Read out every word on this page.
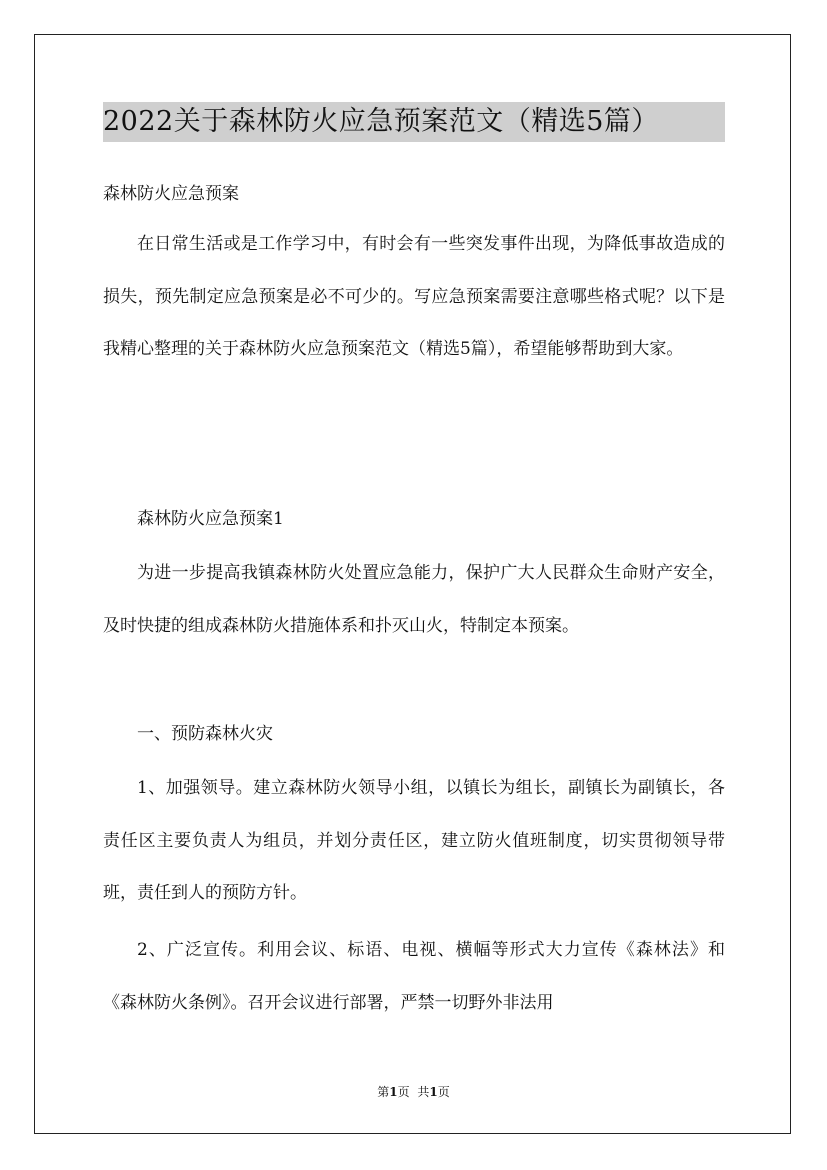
2022关于森林防火应急预案范文（精选5篇）
森林防火应急预案

在日常生活或是工作学习中，有时会有一些突发事件出现，为降低事故造成的损失，预先制定应急预案是必不可少的。写应急预案需要注意哪些格式呢？以下是我精心整理的关于森林防火应急预案范文（精选5篇），希望能够帮助到大家。

森林防火应急预案1

为进一步提高我镇森林防火处置应急能力，保护广大人民群众生命财产安全，及时快捷的组成森林防火措施体系和扑灭山火，特制定本预案。

一、预防森林火灾

1、加强领导。建立森林防火领导小组，以镇长为组长，副镇长为副镇长，各责任区主要负责人为组员，并划分责任区，建立防火值班制度，切实贯彻领导带班，责任到人的预防方针。

2、广泛宣传。利用会议、标语、电视、横幅等形式大力宣传《森林法》和《森林防火条例》。召开会议进行部署，严禁一切野外非法用

第1页 共1页
